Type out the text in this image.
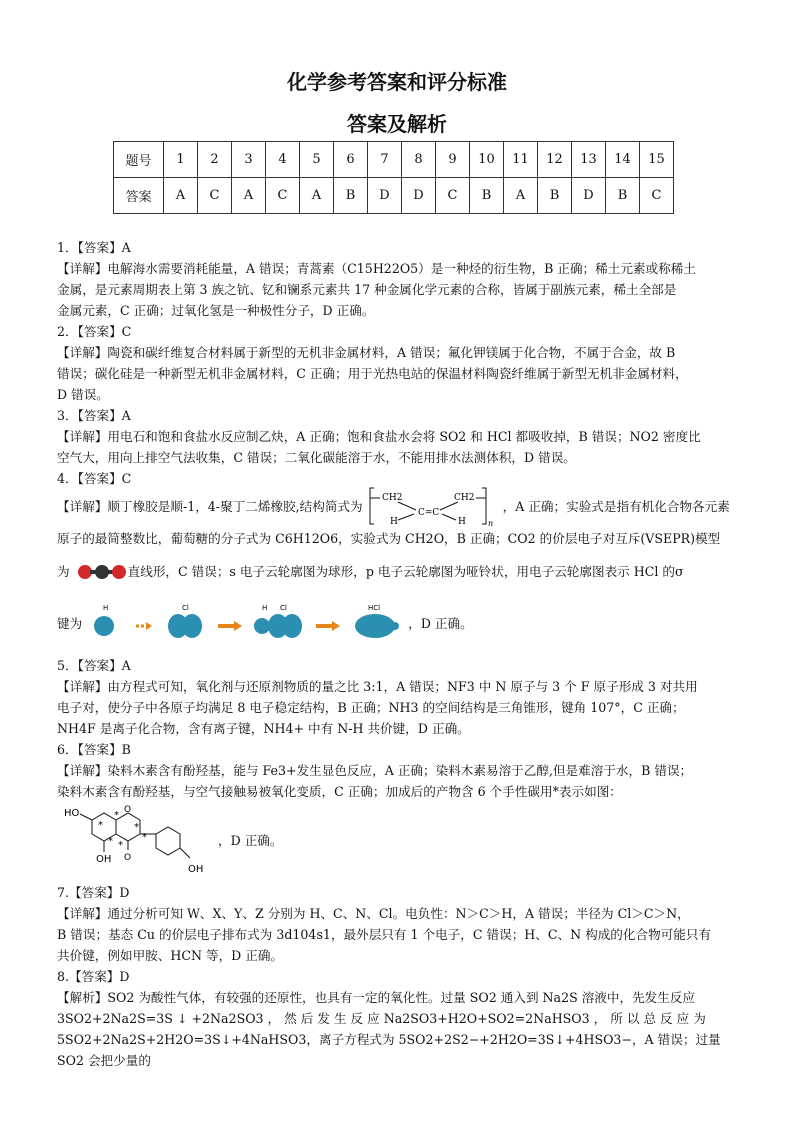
化学参考答案和评分标准
答案及解析
题号	1	2	3	4	5	6	7	8	9	10	11	12	13	14	15
答案	A	C	A	C	A	B	D	D	C	B	A	B	D	B	C

1．【答案】A

【详解】电解海水需要消耗能量，A 错误；青蒿素（C15H22O5）是一种烃的衍生物，B 正确；稀土元素或称稀土

金属，是元素周期表上第 3 族之钪、钇和镧系元素共 17 种金属化学元素的合称，皆属于副族元素，稀土全部是

金属元素，C 正确；过氧化氢是一种极性分子，D 正确。

2．【答案】C

【详解】陶瓷和碳纤维复合材料属于新型的无机非金属材料，A 错误；氟化钾镁属于化合物，不属于合金，故 B

错误；碳化硅是一种新型无机非金属材料，C 正确；用于光热电站的保温材料陶瓷纤维属于新型无机非金属材料，

D 错误。

3．【答案】A

【详解】用电石和饱和食盐水反应制乙炔，A 正确；饱和食盐水会将 SO2 和 HCl 都吸收掉，B 错误；NO2 密度比

空气大，用向上排空气法收集，C 错误；二氧化碳能溶于水，不能用排水法测体积，D 错误。

4．【答案】C

【详解】顺丁橡胶是顺-1，4-聚丁二烯橡胶,结构简式为	，A 正确；实验式是指有机化合物各元素
CH2	CH2
C=C
H	H	n

原子的最简整数比，葡萄糖的分子式为 C6H12O6，实验式为 CH2O，B 正确；CO2 的价层电子对互斥(VSEPR)模型

为	直线形，C 错误；s 电子云轮廓图为球形，p 电子云轮廓图为哑铃状，用电子云轮廓图表示 HCl 的σ
键为	，D 正确。
H	Cl	H Cl	HCl

5．【答案】A

【详解】由方程式可知，氧化剂与还原剂物质的量之比 3:1，A 错误；NF3 中 N 原子与 3 个 F 原子形成 3 对共用

电子对，使分子中各原子均满足 8 电子稳定结构，B 正确；NH3 的空间结构是三角锥形，键角 107°，C 正确；

NH4F 是离子化合物，含有离子键，NH4+ 中有 N-H 共价键，D 正确。

6．【答案】B

【详解】染料木素含有酚羟基，能与 Fe3+发生显色反应，A 正确；染料木素易溶于乙醇,但是难溶于水，B 错误；

染料木素含有酚羟基，与空气接触易被氧化变质，C 正确；加成后的产物含 6 个手性碳用*表示如图：

HO	O
O
OH
OH
*
*
*
* *
*	，D 正确。

7.【答案】D

【详解】通过分析可知 W、X、Y、Z 分别为 H、C、N、Cl。电负性：N＞C＞H，A 错误；半径为 Cl＞C＞N，

B 错误；基态 Cu 的价层电子排布式为 3d104s1，最外层只有 1 个电子，C 错误；H、C、N 构成的化合物可能只有

共价键，例如甲胺、HCN 等，D 正确。

8.【答案】D

【解析】SO2 为酸性气体，有较强的还原性，也具有一定的氧化性。过量 SO2 通入到 Na2S 溶液中，先发生反应

3SO2+2Na2S=3S ↓ +2Na2SO3 ， 然 后 发 生 反 应 Na2SO3+H2O+SO2=2NaHSO3 ， 所 以 总 反 应 为

5SO2+2Na2S+2H2O=3S↓+4NaHSO3，离子方程式为 5SO2+2S2−+2H2O=3S↓+4HSO3−，A 错误；过量 SO2 会把少量的
